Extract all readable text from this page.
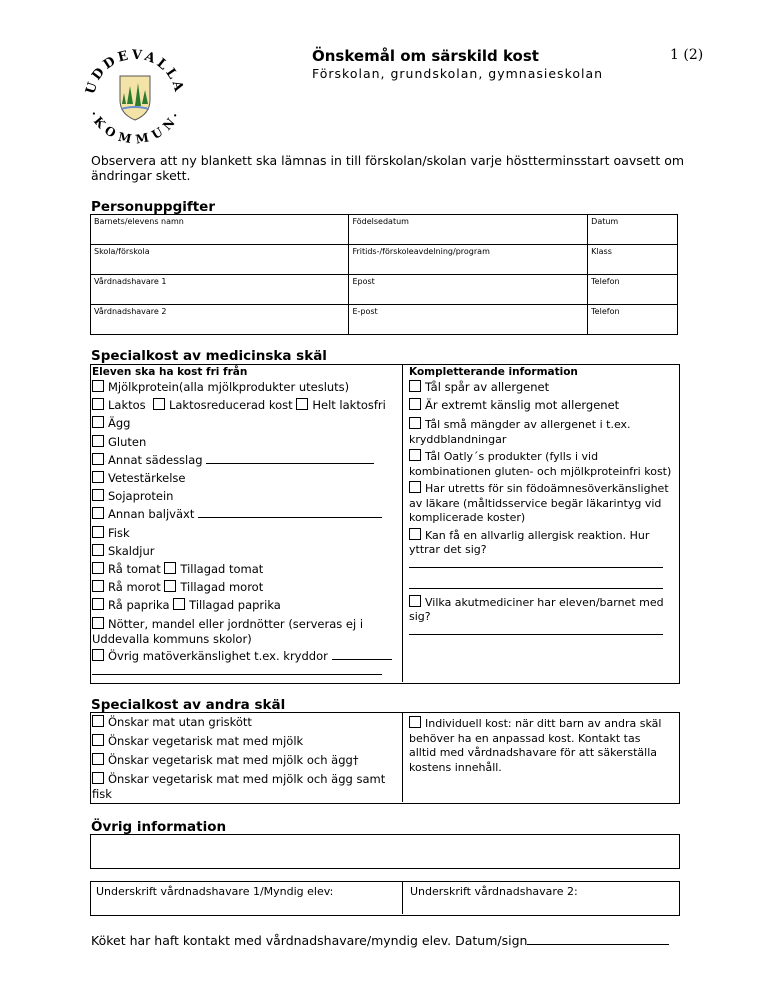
UDDEVALLA
·KOMMUN·
Önskemål om särskild kost
Förskolan, grundskolan, gymnasieskolan
1 (2)
Observera att ny blankett ska lämnas in till förskolan/skolan varje höstterminsstart oavsett om ändringar skett.
Personuppgifter
Barnets/elevens namn	Födelsedatum	Datum
Skola/förskola	Fritids-/förskoleavdelning/program	Klass
Vårdnadshavare 1	Epost	Telefon
Vårdnadshavare 2	E-post	Telefon
Specialkost av medicinska skäl
Eleven ska ha kost fri från
Mjölkprotein(alla mjölkprodukter utesluts)
Laktos Laktosreducerad kost Helt laktosfri
Ägg
Gluten
Annat sädesslag
Vetestärkelse
Sojaprotein
Annan baljväxt
Fisk
Skaldjur
Rå tomat Tillagad tomat
Rå morot Tillagad morot
Rå paprika Tillagad paprika
Nötter, mandel eller jordnötter (serveras ej i Uddevalla kommuns skolor)
Övrig matöverkänslighet t.ex. kryddor
Kompletterande information
Tål spår av allergenet
Är extremt känslig mot allergenet
Tål små mängder av allergenet i t.ex. kryddblandningar
Tål Oatly´s produkter (fylls i vid kombinationen gluten- och mjölkproteinfri kost)
Har utretts för sin födoämnesöverkänslighet av läkare (måltidsservice begär läkarintyg vid komplicerade koster)
Kan få en allvarlig allergisk reaktion. Hur yttrar det sig?
Vilka akutmediciner har eleven/barnet med sig?
Specialkost av andra skäl
Önskar mat utan griskött
Önskar vegetarisk mat med mjölk
Önskar vegetarisk mat med mjölk och ägg†
Önskar vegetarisk mat med mjölk och ägg samt fisk
Individuell kost: när ditt barn av andra skäl behöver ha en anpassad kost. Kontakt tas alltid med vårdnadshavare för att säkerställa kostens innehåll.
Övrig information
Underskrift vårdnadshavare 1/Myndig elev:	Underskrift vårdnadshavare 2:
Köket har haft kontakt med vårdnadshavare/myndig elev. Datum/sign
